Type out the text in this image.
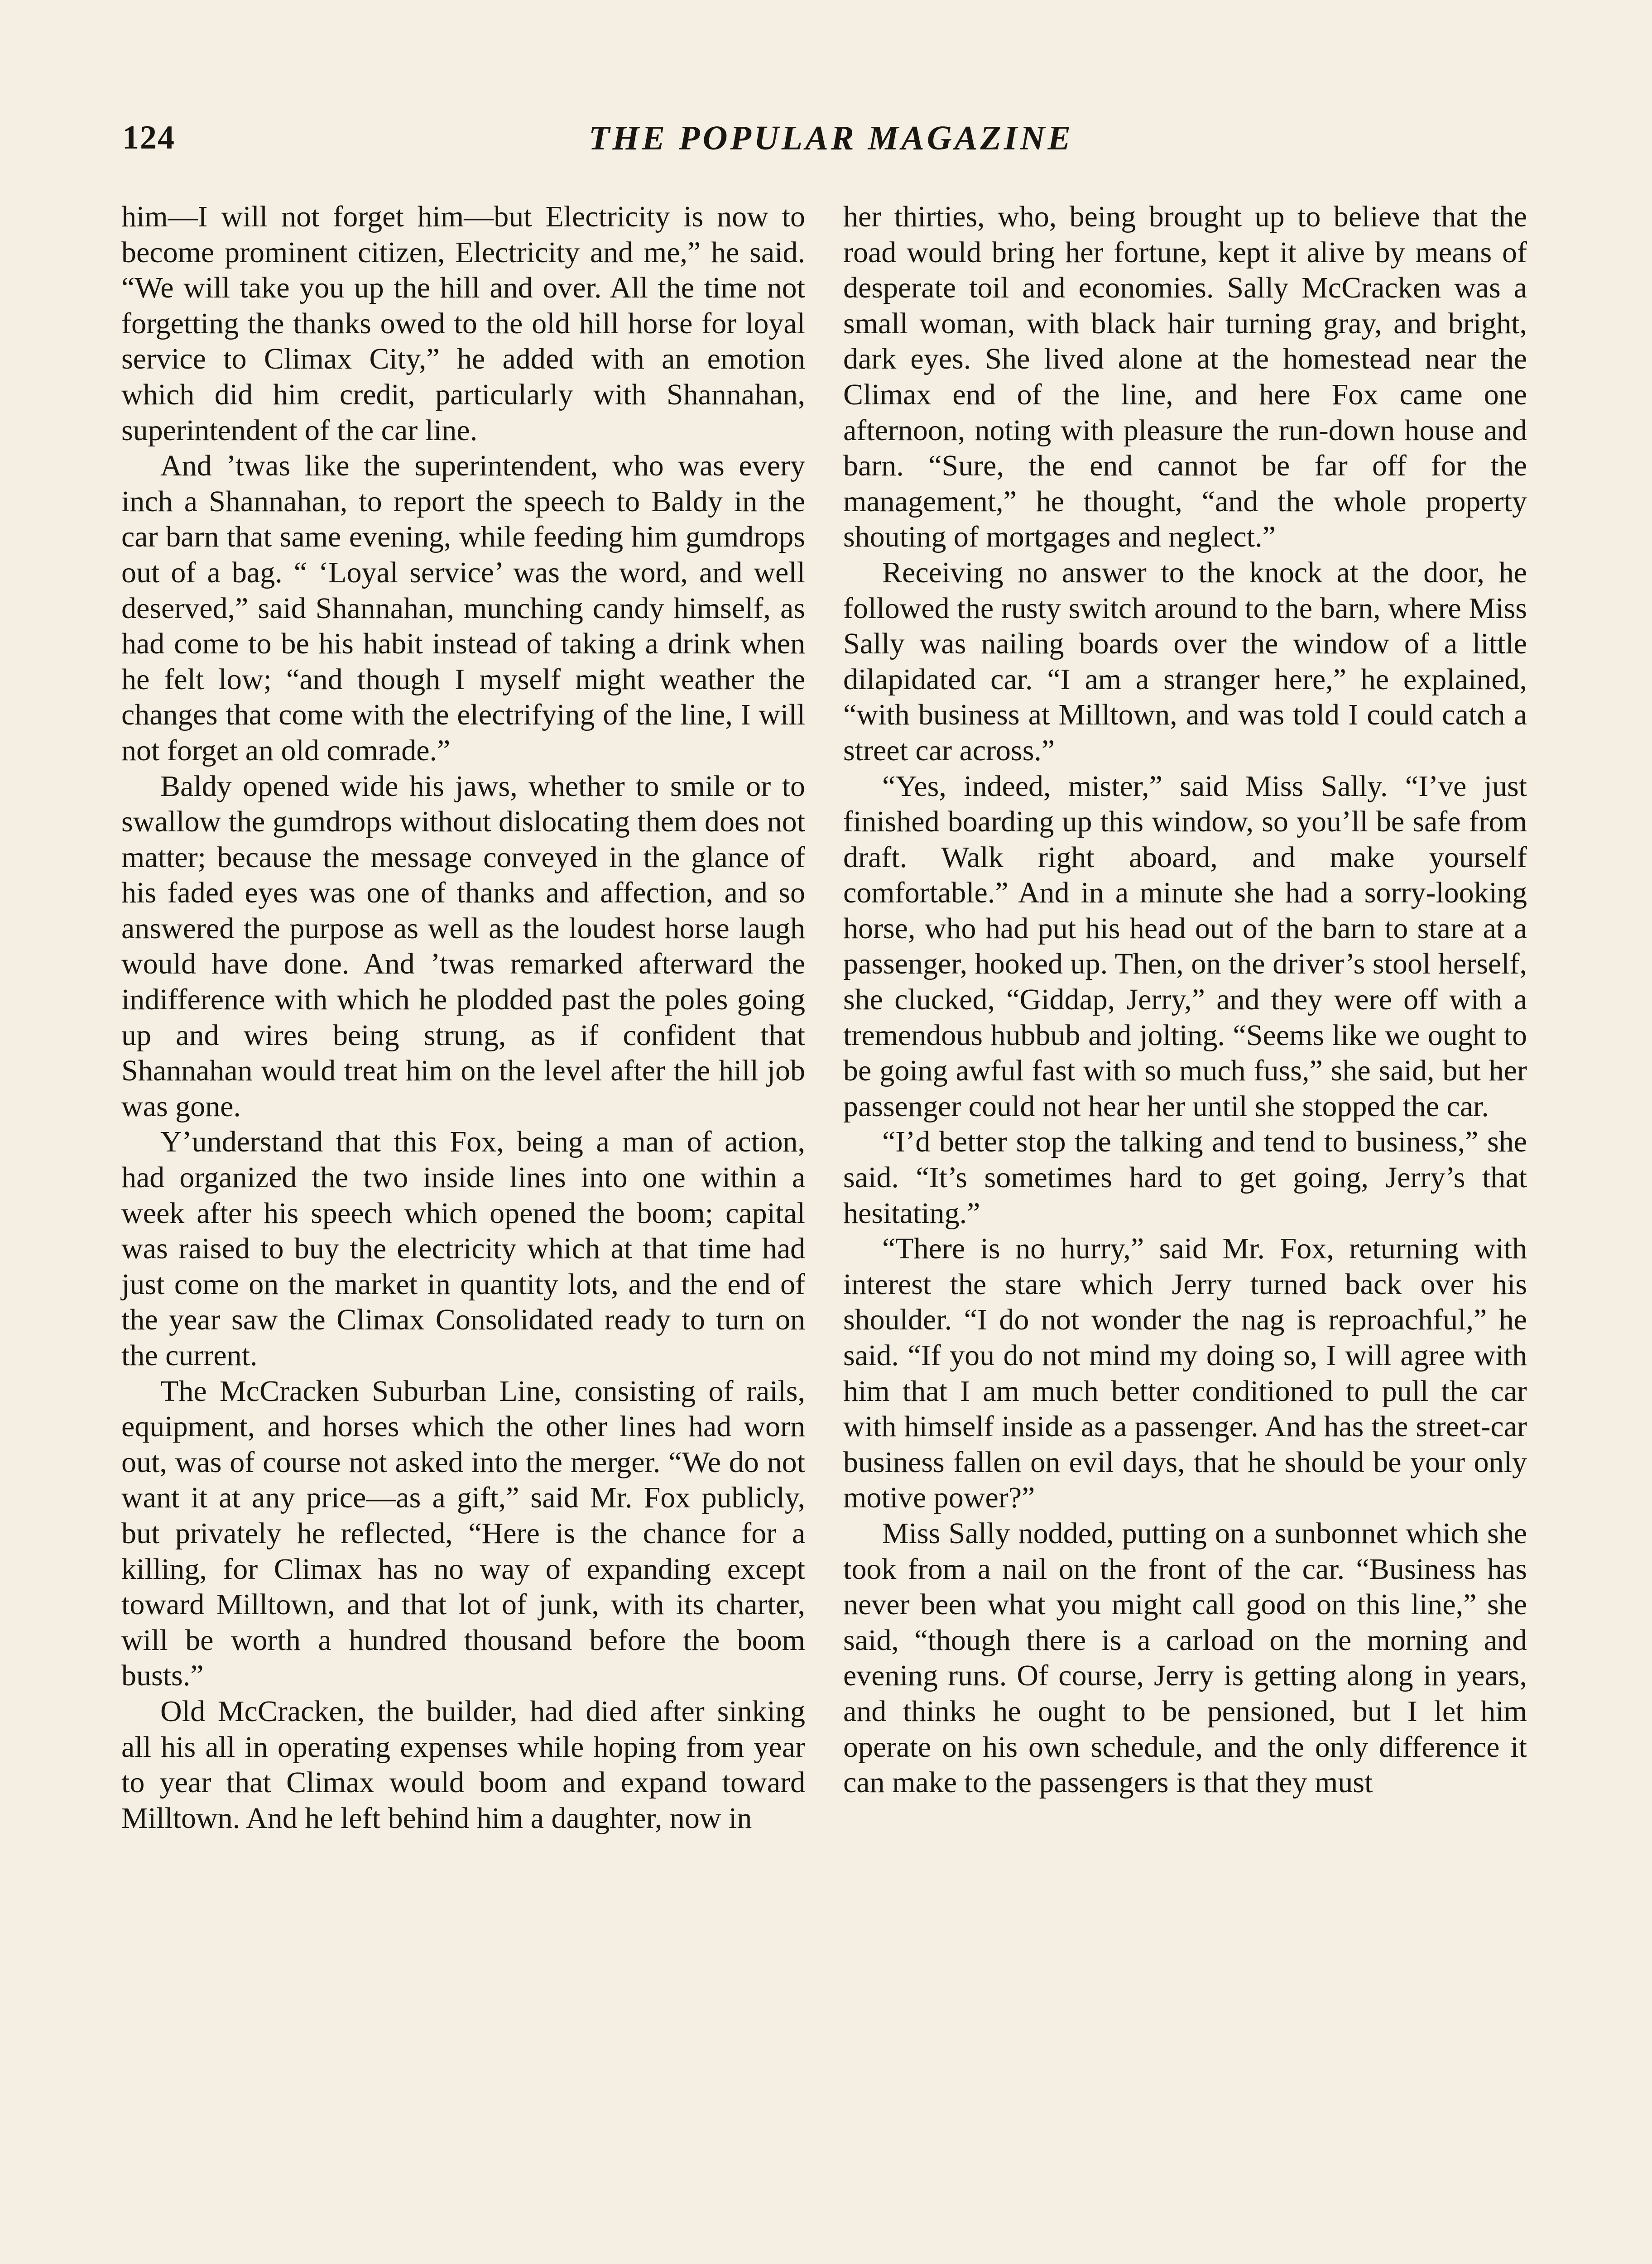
124	THE POPULAR MAGAZINE

him—I will not forget him—but Electricity is now to become prominent citizen, Electricity and me,” he said. “We will take you up the hill and over. All the time not forgetting the thanks owed to the old hill horse for loyal service to Climax City,” he added with an emotion which did him credit, particularly with Shannahan, superintendent of the car line.

And ’twas like the superintendent, who was every inch a Shannahan, to report the speech to Baldy in the car barn that same evening, while feeding him gumdrops out of a bag. “ ‘Loyal service’ was the word, and well deserved,” said Shannahan, munching candy himself, as had come to be his habit instead of taking a drink when he felt low; “and though I myself might weather the changes that come with the electrifying of the line, I will not forget an old comrade.”

Baldy opened wide his jaws, whether to smile or to swallow the gumdrops without dislocating them does not matter; because the message conveyed in the glance of his faded eyes was one of thanks and affection, and so answered the purpose as well as the loudest horse laugh would have done. And ’twas remarked afterward the indifference with which he plodded past the poles going up and wires being strung, as if confident that Shannahan would treat him on the level after the hill job was gone.

Y’understand that this Fox, being a man of action, had organized the two inside lines into one within a week after his speech which opened the boom; capital was raised to buy the electricity which at that time had just come on the market in quantity lots, and the end of the year saw the Climax Consolidated ready to turn on the current.

The McCracken Suburban Line, consisting of rails, equipment, and horses which the other lines had worn out, was of course not asked into the merger. “We do not want it at any price—as a gift,” said Mr. Fox publicly, but privately he reflected, “Here is the chance for a killing, for Climax has no way of expanding except toward Milltown, and that lot of junk, with its charter, will be worth a hundred thousand before the boom busts.”

Old McCracken, the builder, had died after sinking all his all in operating expenses while hoping from year to year that Climax would boom and expand toward Milltown. And he left behind him a daughter, now in

her thirties, who, being brought up to believe that the road would bring her fortune, kept it alive by means of desperate toil and economies. Sally McCracken was a small woman, with black hair turning gray, and bright, dark eyes. She lived alone at the homestead near the Climax end of the line, and here Fox came one afternoon, noting with pleasure the run-down house and barn. “Sure, the end cannot be far off for the management,” he thought, “and the whole property shouting of mortgages and neglect.”

Receiving no answer to the knock at the door, he followed the rusty switch around to the barn, where Miss Sally was nailing boards over the window of a little dilapidated car. “I am a stranger here,” he explained, “with business at Milltown, and was told I could catch a street car across.”

“Yes, indeed, mister,” said Miss Sally. “I’ve just finished boarding up this window, so you’ll be safe from draft. Walk right aboard, and make yourself comfortable.” And in a minute she had a sorry-looking horse, who had put his head out of the barn to stare at a passenger, hooked up. Then, on the driver’s stool herself, she clucked, “Giddap, Jerry,” and they were off with a tremendous hubbub and jolting. “Seems like we ought to be going awful fast with so much fuss,” she said, but her passenger could not hear her until she stopped the car.

“I’d better stop the talking and tend to business,” she said. “It’s sometimes hard to get going, Jerry’s that hesitating.”

“There is no hurry,” said Mr. Fox, returning with interest the stare which Jerry turned back over his shoulder. “I do not wonder the nag is reproachful,” he said. “If you do not mind my doing so, I will agree with him that I am much better conditioned to pull the car with himself inside as a passenger. And has the street-car business fallen on evil days, that he should be your only motive power?”

Miss Sally nodded, putting on a sunbonnet which she took from a nail on the front of the car. “Business has never been what you might call good on this line,” she said, “though there is a carload on the morning and evening runs. Of course, Jerry is getting along in years, and thinks he ought to be pensioned, but I let him operate on his own schedule, and the only difference it can make to the passengers is that they must
